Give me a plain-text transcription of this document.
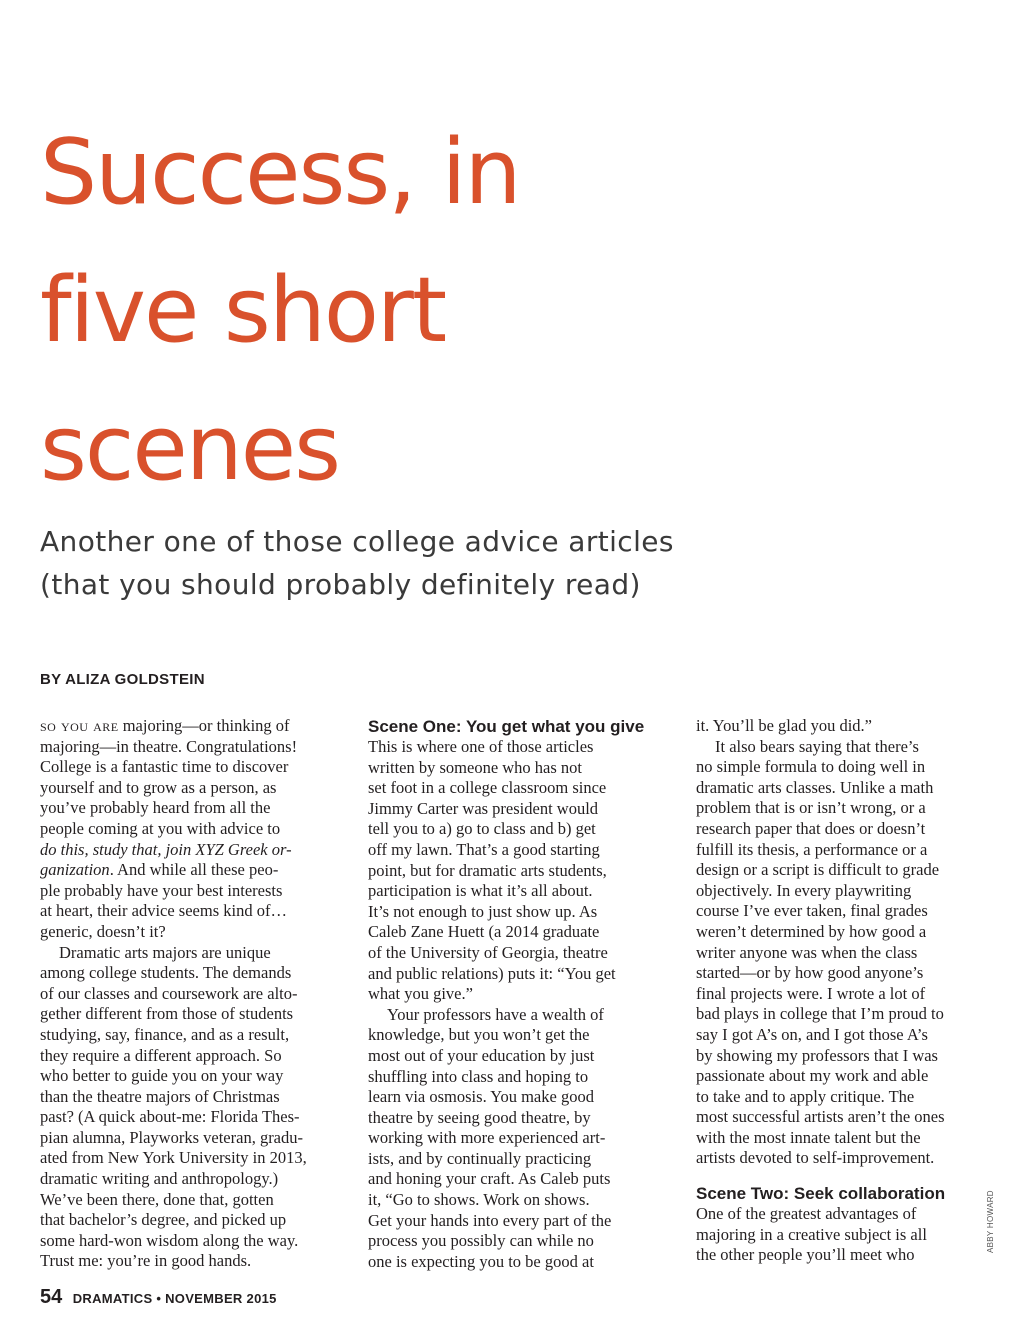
Success, in
five short
scenes
Another one of those college advice articles
(that you should probably definitely read)
BY ALIZA GOLDSTEIN
so you are majoring—or thinking of
majoring—in theatre. Congratulations!
College is a fantastic time to discover
yourself and to grow as a person, as
you’ve probably heard from all the
people coming at you with advice to
do this, study that, join XYZ Greek or-
ganization. And while all these peo-
ple probably have your best interests
at heart, their advice seems kind of…
generic, doesn’t it?
Dramatic arts majors are unique
among college students. The demands
of our classes and coursework are alto-
gether different from those of students
studying, say, finance, and as a result,
they require a different approach. So
who better to guide you on your way
than the theatre majors of Christmas
past? (A quick about-me: Florida Thes-
pian alumna, Playworks veteran, gradu-
ated from New York University in 2013,
dramatic writing and anthropology.)
We’ve been there, done that, gotten
that bachelor’s degree, and picked up
some hard-won wisdom along the way.
Trust me: you’re in good hands.
Scene One: You get what you give
This is where one of those articles
written by someone who has not
set foot in a college classroom since
Jimmy Carter was president would
tell you to a) go to class and b) get
off my lawn. That’s a good starting
point, but for dramatic arts students,
participation is what it’s all about.
It’s not enough to just show up. As
Caleb Zane Huett (a 2014 graduate
of the University of Georgia, theatre
and public relations) puts it: “You get
what you give.”
Your professors have a wealth of
knowledge, but you won’t get the
most out of your education by just
shuffling into class and hoping to
learn via osmosis. You make good
theatre by seeing good theatre, by
working with more experienced art-
ists, and by continually practicing
and honing your craft. As Caleb puts
it, “Go to shows. Work on shows.
Get your hands into every part of the
process you possibly can while no
one is expecting you to be good at
it. You’ll be glad you did.”
It also bears saying that there’s
no simple formula to doing well in
dramatic arts classes. Unlike a math
problem that is or isn’t wrong, or a
research paper that does or doesn’t
fulfill its thesis, a performance or a
design or a script is difficult to grade
objectively. In every playwriting
course I’ve ever taken, final grades
weren’t determined by how good a
writer anyone was when the class
started—or by how good anyone’s
final projects were. I wrote a lot of
bad plays in college that I’m proud to
say I got A’s on, and I got those A’s
by showing my professors that I was
passionate about my work and able
to take and to apply critique. The
most successful artists aren’t the ones
with the most innate talent but the
artists devoted to self-improvement.
Scene Two: Seek collaboration
One of the greatest advantages of
majoring in a creative subject is all
the other people you’ll meet who
ABBY HOWARD
54 DRAMATICS • NOVEMBER 2015
